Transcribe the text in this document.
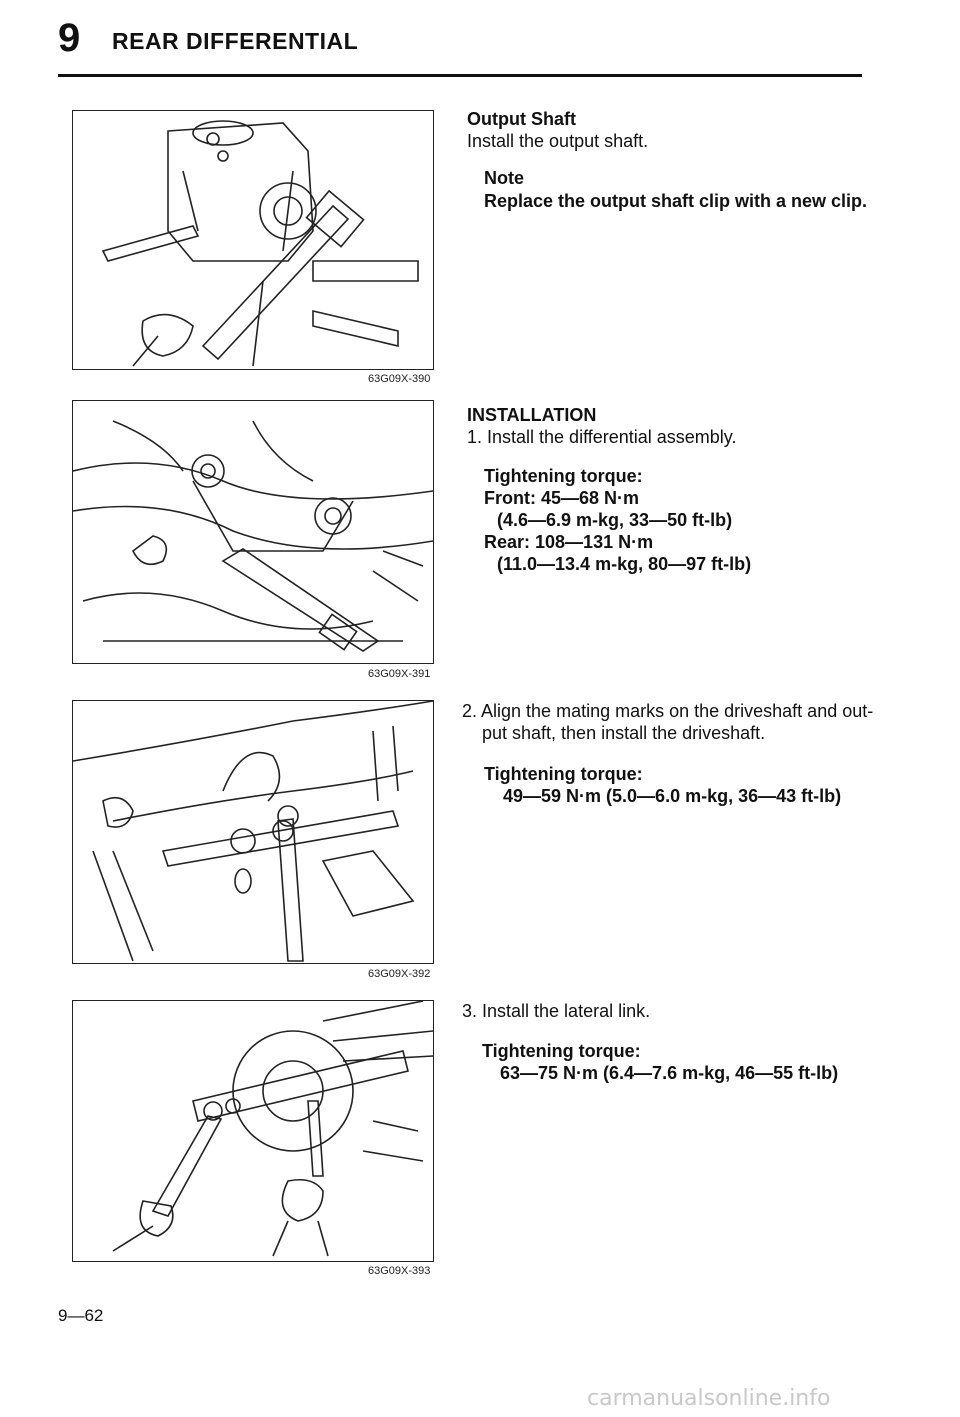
9 REAR DIFFERENTIAL
63G09X-390
63G09X-391
63G09X-392
63G09X-393
Output Shaft
Install the output shaft.
Note
Replace the output shaft clip with a new clip.
INSTALLATION
1. Install the differential assembly.
Tightening torque:
Front: 45—68 N·m
(4.6—6.9 m-kg, 33—50 ft-lb)
Rear: 108—131 N·m
(11.0—13.4 m-kg, 80—97 ft-lb)
2. Align the mating marks on the driveshaft and out-
put shaft, then install the driveshaft.
Tightening torque:
49—59 N·m (5.0—6.0 m-kg, 36—43 ft-lb)
3. Install the lateral link.
Tightening torque:
63—75 N·m (6.4—7.6 m-kg, 46—55 ft-lb)
9—62
carmanualsonline.info
